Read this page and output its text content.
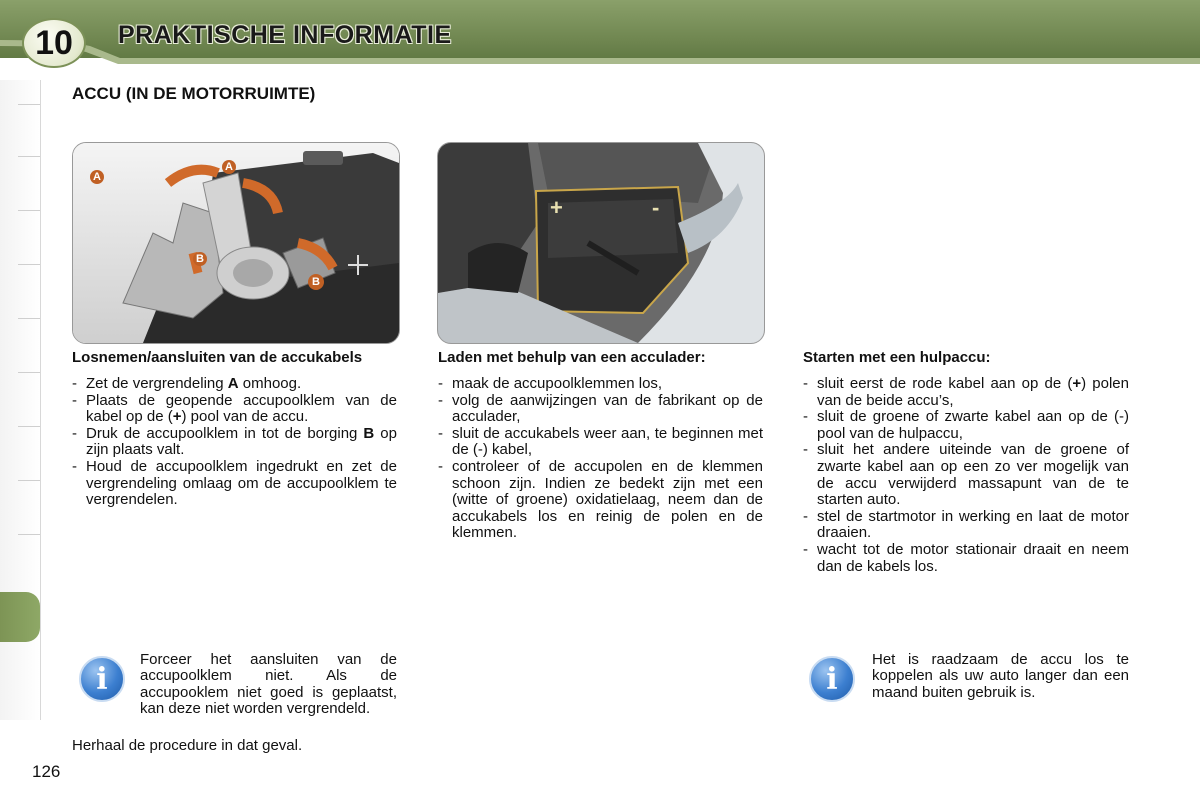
10	PRAKTISCHE INFORMATIE
ACCU (IN DE MOTORRUIMTE)
+	-
A
A
B
B
Losnemen/aansluiten van de accukabels
- Zet de vergrendeling A omhoog.
- Plaats de geopende accupoolklem van de kabel op de (+) pool van de accu.
- Druk de accupoolklem in tot de borging B op zijn plaats valt.
- Houd de accupoolklem ingedrukt en zet de vergrendeling omlaag om de accupoolklem te vergrendelen.
Laden met behulp van een acculader:
- maak de accupoolklemmen los,
- volg de aanwijzingen van de fabrikant op de acculader,
- sluit de accukabels weer aan, te beginnen met de (-) kabel,
- controleer of de accupolen en de klemmen schoon zijn. Indien ze bedekt zijn met een (witte of groene) oxidatielaag, neem dan de accukabels los en reinig de polen en de klemmen.
Starten met een hulpaccu:
- sluit eerst de rode kabel aan op de (+) polen van de beide accu’s,
- sluit de groene of zwarte kabel aan op de (-) pool van de hulpaccu,
- sluit het andere uiteinde van de groene of zwarte kabel aan op een zo ver mogelijk van de accu verwijderd massapunt van de te starten auto.
- stel de startmotor in werking en laat de motor draaien.
- wacht tot de motor stationair draait en neem dan de kabels los.
i
Forceer het aansluiten van de accupoolklem niet. Als de accupooklem niet goed is geplaatst, kan deze niet worden vergrendeld.
Herhaal de procedure in dat geval.
i
Het is raadzaam de accu los te koppelen als uw auto langer dan een maand buiten gebruik is.
126
